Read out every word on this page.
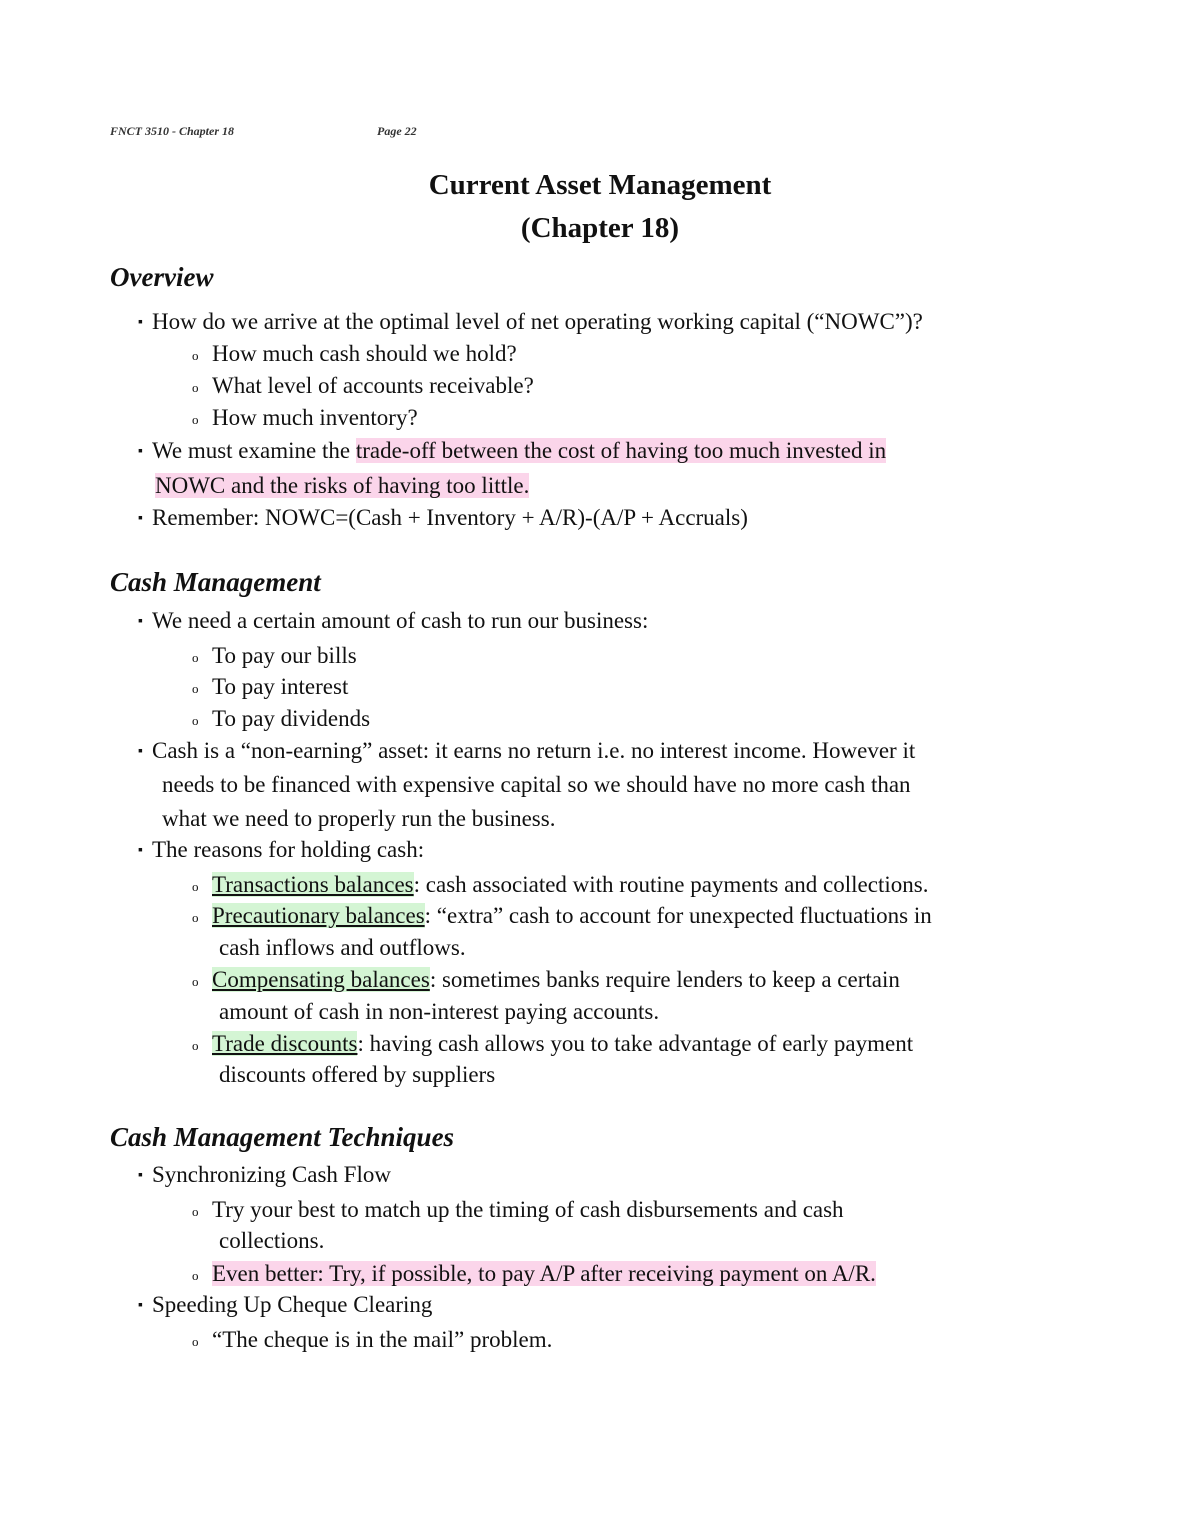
FNCT 3510 - Chapter 18	Page 22
Current Asset Management
(Chapter 18)
Overview
▪ How do we arrive at the optimal level of net operating working capital (“NOWC”)?
o How much cash should we hold?
o What level of accounts receivable?
o How much inventory?
▪ We must examine the trade-off between the cost of having too much invested in
NOWC and the risks of having too little.
▪ Remember: NOWC=(Cash + Inventory + A/R)-(A/P + Accruals)
Cash Management
▪ We need a certain amount of cash to run our business:
o To pay our bills
o To pay interest
o To pay dividends
▪ Cash is a “non-earning” asset: it earns no return i.e. no interest income. However it
needs to be financed with expensive capital so we should have no more cash than
what we need to properly run the business.
▪ The reasons for holding cash:
o Transactions balances: cash associated with routine payments and collections.
o Precautionary balances: “extra” cash to account for unexpected fluctuations in
cash inflows and outflows.
o Compensating balances: sometimes banks require lenders to keep a certain
amount of cash in non-interest paying accounts.
o Trade discounts: having cash allows you to take advantage of early payment
discounts offered by suppliers
Cash Management Techniques
▪ Synchronizing Cash Flow
o Try your best to match up the timing of cash disbursements and cash
collections.
o Even better: Try, if possible, to pay A/P after receiving payment on A/R.
▪ Speeding Up Cheque Clearing
o “The cheque is in the mail” problem.
